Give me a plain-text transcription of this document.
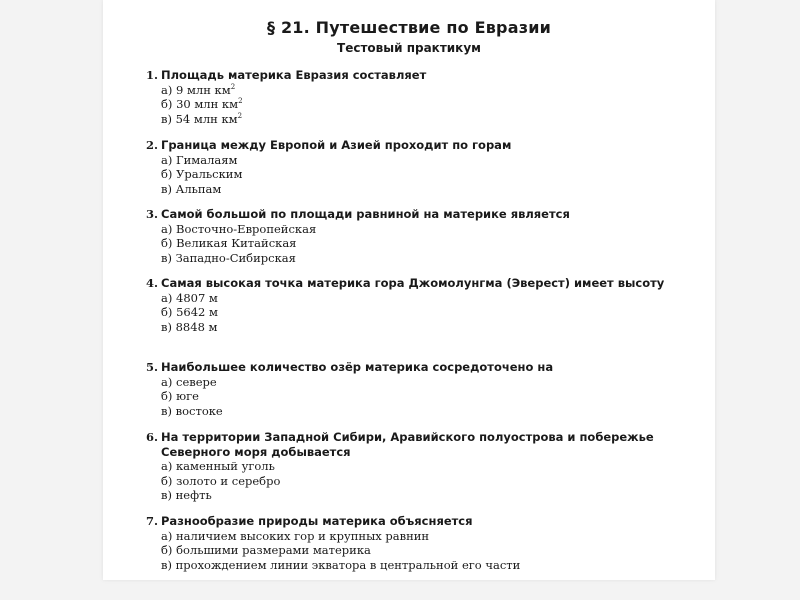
§ 21. Путешествие по Евразии
Тестовый практикум
1. Площадь материка Евразия составляет
а) 9 млн $км^2$
б) 30 млн $км^2$
в) 54 млн $км^2$
2. Граница между Европой и Азией проходит по горам
а) Гималаям
б) Уральским
в) Альпам
3. Самой большой по площади равниной на материке является
а) Восточно-Европейская
б) Великая Китайская
в) Западно-Сибирская
4. Самая высокая точка материка гора Джомолунгма (Эверест) имеет высоту
а) 4807 м
б) 5642 м
в) 8848 м
5. Наибольшее количество озёр материка сосредоточено на
а) севере
б) юге
в) востоке
6. На территории Западной Сибири, Аравийского полуострова и побережье Северного моря добывается
а) каменный уголь
б) золото и серебро
в) нефть
7. Разнообразие природы материка объясняется
а) наличием высоких гор и крупных равнин
б) большими размерами материка
в) прохождением линии экватора в центральной его части
